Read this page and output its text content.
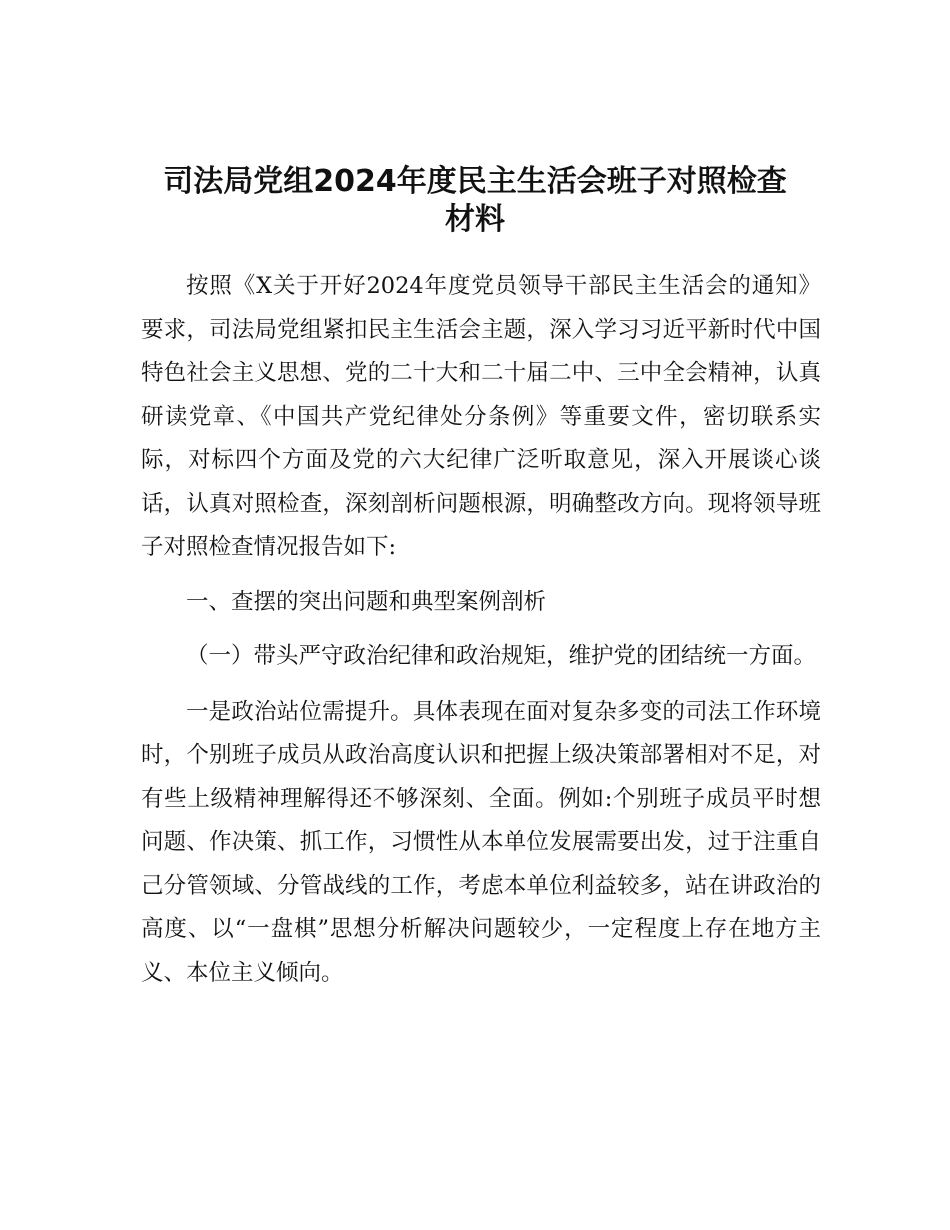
司法局党组2024年度民主生活会班子对照检查
材料

按照《X关于开好2024年度党员领导干部民主生活会的通知》要求，司法局党组紧扣民主生活会主题，深入学习习近平新时代中国特色社会主义思想、党的二十大和二十届二中、三中全会精神，认真研读党章、《中国共产党纪律处分条例》等重要文件，密切联系实际，对标四个方面及党的六大纪律广泛听取意见，深入开展谈心谈话，认真对照检查，深刻剖析问题根源，明确整改方向。现将领导班子对照检查情况报告如下:

一、查摆的突出问题和典型案例剖析

（一）带头严守政治纪律和政治规矩，维护党的团结统一方面。

一是政治站位需提升。具体表现在面对复杂多变的司法工作环境时，个别班子成员从政治高度认识和把握上级决策部署相对不足，对有些上级精神理解得还不够深刻、全面。例如:个别班子成员平时想问题、作决策、抓工作，习惯性从本单位发展需要出发，过于注重自己分管领域、分管战线的工作，考虑本单位利益较多，站在讲政治的高度、以“一盘棋”思想分析解决问题较少，一定程度上存在地方主义、本位主义倾向。
